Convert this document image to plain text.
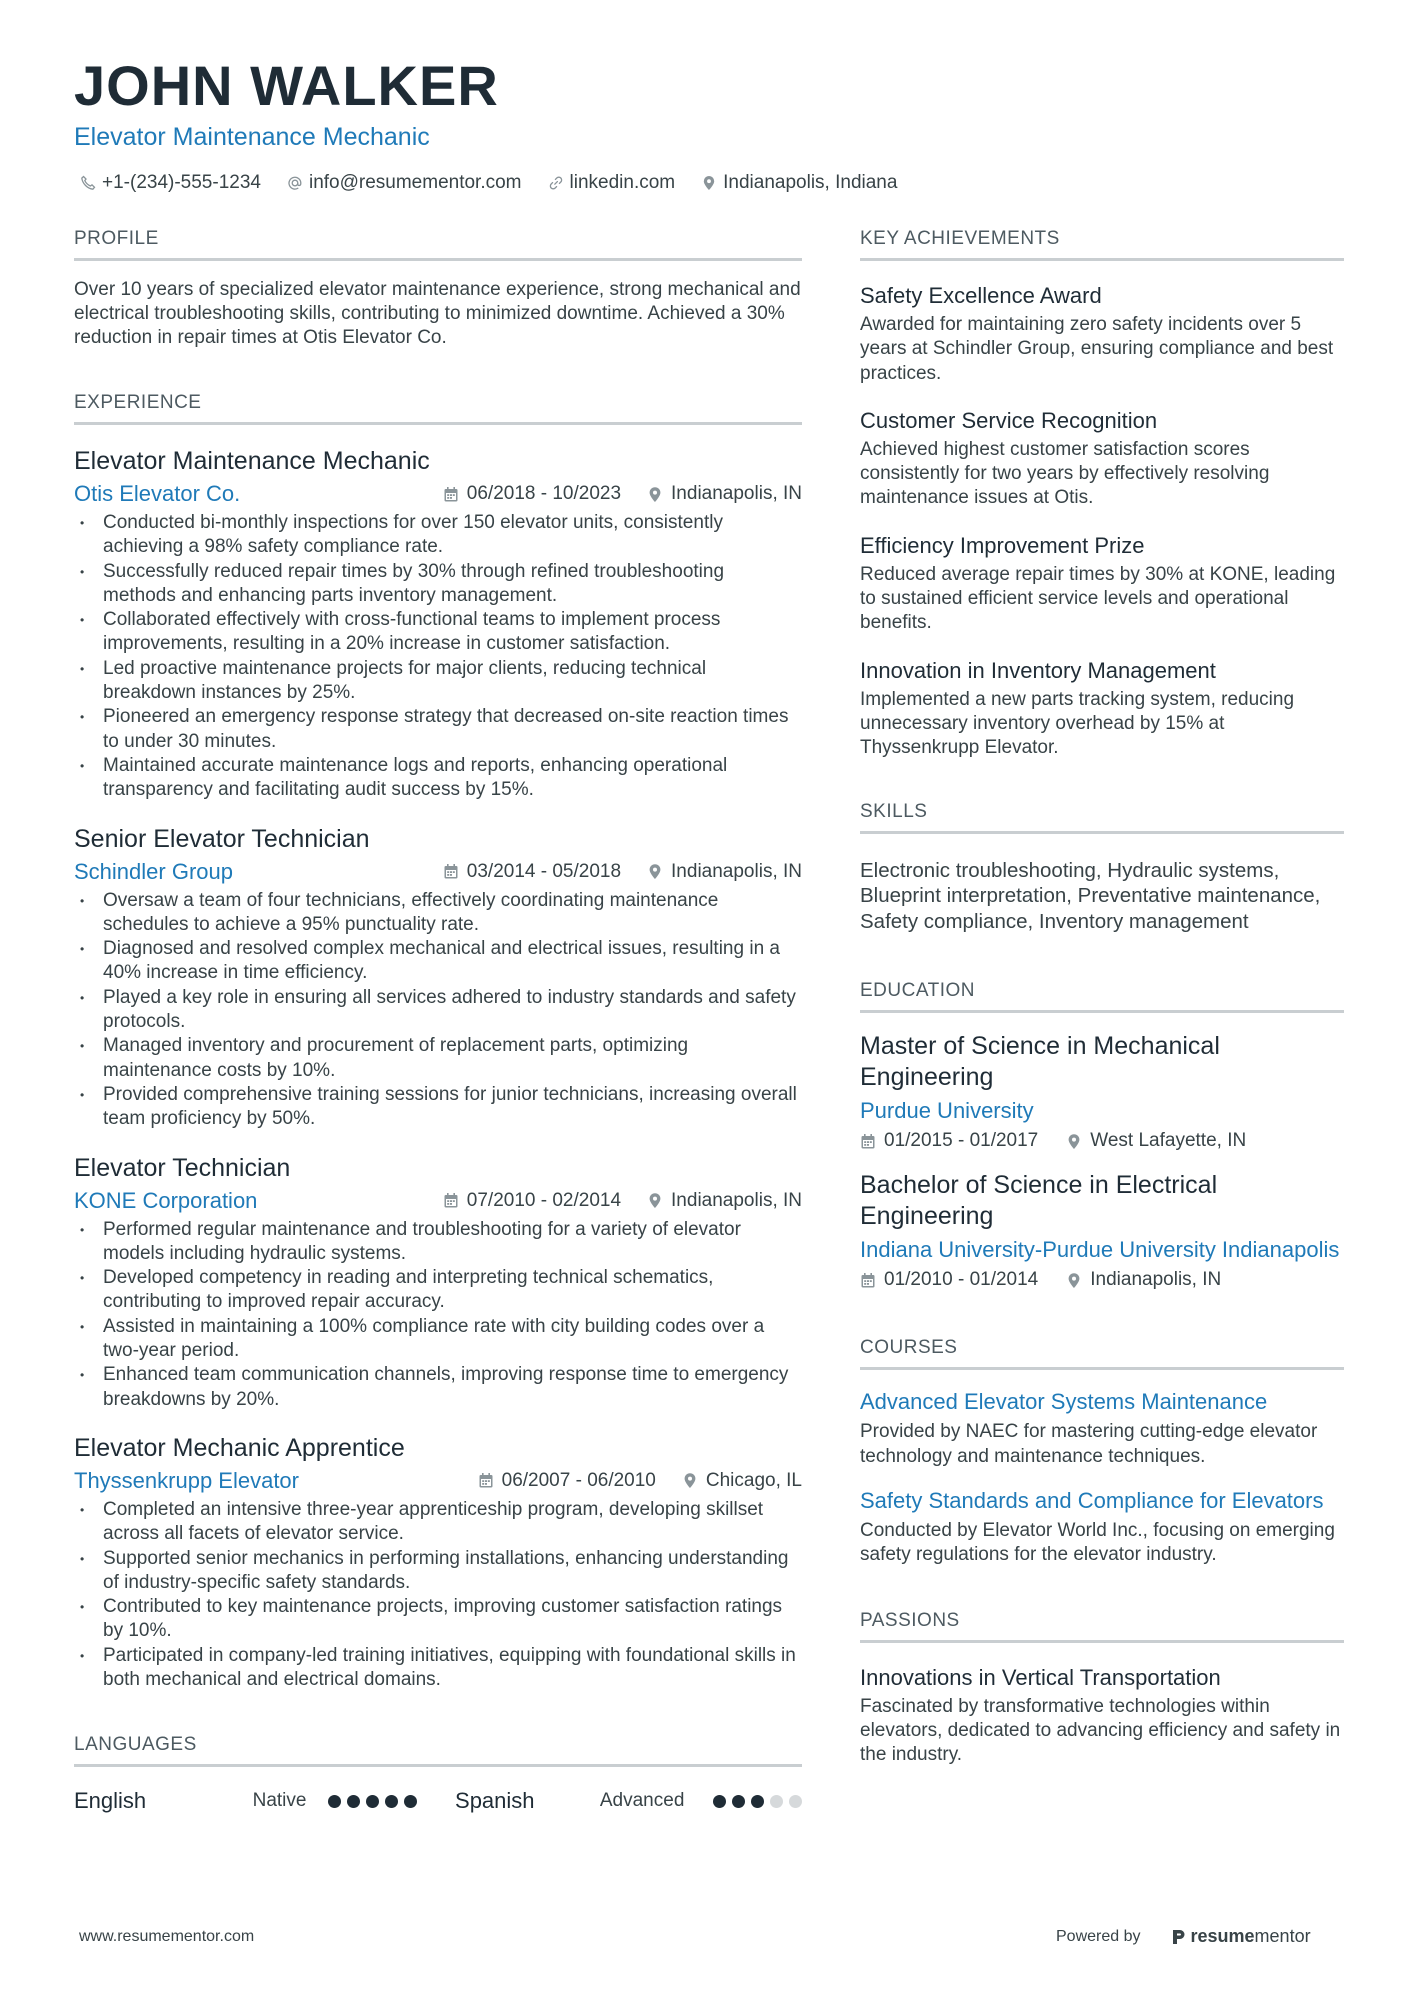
JOHN WALKER
Elevator Maintenance Mechanic
+1-(234)-555-1234	info@resumementor.com	linkedin.com	Indianapolis, Indiana
PROFILE
Over 10 years of specialized elevator maintenance experience, strong mechanical and electrical troubleshooting skills, contributing to minimized downtime. Achieved a 30% reduction in repair times at Otis Elevator Co.
EXPERIENCE
Elevator Maintenance Mechanic
Otis Elevator Co.	06/2018 - 10/2023	Indianapolis, IN
• Conducted bi-monthly inspections for over 150 elevator units, consistently achieving a 98% safety compliance rate.
• Successfully reduced repair times by 30% through refined troubleshooting methods and enhancing parts inventory management.
• Collaborated effectively with cross-functional teams to implement process improvements, resulting in a 20% increase in customer satisfaction.
• Led proactive maintenance projects for major clients, reducing technical breakdown instances by 25%.
• Pioneered an emergency response strategy that decreased on-site reaction times to under 30 minutes.
• Maintained accurate maintenance logs and reports, enhancing operational transparency and facilitating audit success by 15%.
Senior Elevator Technician
Schindler Group	03/2014 - 05/2018	Indianapolis, IN
• Oversaw a team of four technicians, effectively coordinating maintenance schedules to achieve a 95% punctuality rate.
• Diagnosed and resolved complex mechanical and electrical issues, resulting in a 40% increase in time efficiency.
• Played a key role in ensuring all services adhered to industry standards and safety protocols.
• Managed inventory and procurement of replacement parts, optimizing maintenance costs by 10%.
• Provided comprehensive training sessions for junior technicians, increasing overall team proficiency by 50%.
Elevator Technician
KONE Corporation	07/2010 - 02/2014	Indianapolis, IN
• Performed regular maintenance and troubleshooting for a variety of elevator models including hydraulic systems.
• Developed competency in reading and interpreting technical schematics, contributing to improved repair accuracy.
• Assisted in maintaining a 100% compliance rate with city building codes over a two-year period.
• Enhanced team communication channels, improving response time to emergency breakdowns by 20%.
Elevator Mechanic Apprentice
Thyssenkrupp Elevator	06/2007 - 06/2010	Chicago, IL
• Completed an intensive three-year apprenticeship program, developing skillset across all facets of elevator service.
• Supported senior mechanics in performing installations, enhancing understanding of industry-specific safety standards.
• Contributed to key maintenance projects, improving customer satisfaction ratings by 10%.
• Participated in company-led training initiatives, equipping with foundational skills in both mechanical and electrical domains.
LANGUAGES
English	Native	Spanish	Advanced
KEY ACHIEVEMENTS
Safety Excellence Award
Awarded for maintaining zero safety incidents over 5 years at Schindler Group, ensuring compliance and best practices.
Customer Service Recognition
Achieved highest customer satisfaction scores consistently for two years by effectively resolving maintenance issues at Otis.
Efficiency Improvement Prize
Reduced average repair times by 30% at KONE, leading to sustained efficient service levels and operational benefits.
Innovation in Inventory Management
Implemented a new parts tracking system, reducing unnecessary inventory overhead by 15% at Thyssenkrupp Elevator.
SKILLS
Electronic troubleshooting, Hydraulic systems, Blueprint interpretation, Preventative maintenance, Safety compliance, Inventory management
EDUCATION
Master of Science in Mechanical Engineering
Purdue University
01/2015 - 01/2017	West Lafayette, IN
Bachelor of Science in Electrical Engineering
Indiana University-Purdue University Indianapolis
01/2010 - 01/2014	Indianapolis, IN
COURSES
Advanced Elevator Systems Maintenance
Provided by NAEC for mastering cutting-edge elevator technology and maintenance techniques.
Safety Standards and Compliance for Elevators
Conducted by Elevator World Inc., focusing on emerging safety regulations for the elevator industry.
PASSIONS
Innovations in Vertical Transportation
Fascinated by transformative technologies within elevators, dedicated to advancing efficiency and safety in the industry.
www.resumementor.com	Powered by	resume mentor
